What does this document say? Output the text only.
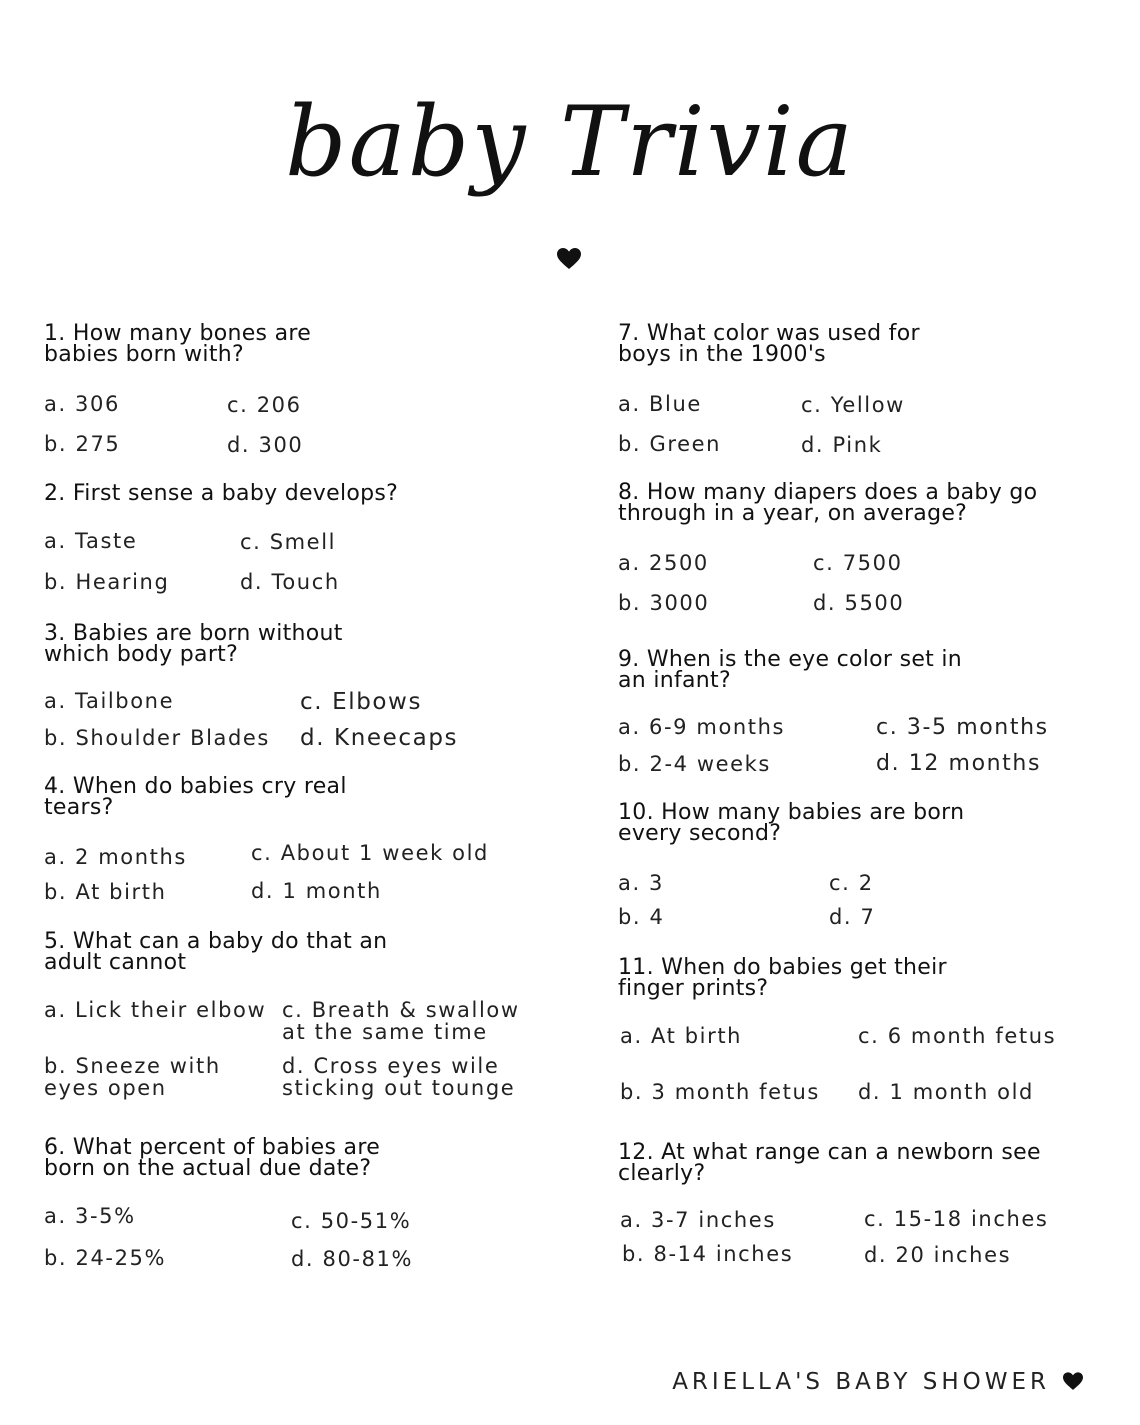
baby Trivia

1. How many bones are
babies born with?

a. 306
b. 275
c. 206
d. 300

2. First sense a baby develops?

a. Taste
b. Hearing
c. Smell
d. Touch

3. Babies are born without
which body part?

a. Tailbone
b. Shoulder Blades
c. Elbows
d. Kneecaps

4. When do babies cry real
tears?

a. 2 months
b. At birth
c. About 1 week old
d. 1 month

5. What can a baby do that an
adult cannot

a. Lick their elbow
b. Sneeze with
eyes open
c. Breath & swallow
at the same time
d. Cross eyes wile
sticking out tounge

6. What percent of babies are
born on the actual due date?

a. 3-5%
b. 24-25%
c. 50-51%
d. 80-81%

7. What color was used for
boys in the 1900's

a. Blue
b. Green
c. Yellow
d. Pink

8. How many diapers does a baby go
through in a year, on average?

a. 2500
b. 3000
c. 7500
d. 5500

9. When is the eye color set in
an infant?

a. 6-9 months
b. 2-4 weeks
c. 3-5 months
d. 12 months

10. How many babies are born
every second?

a. 3
b. 4
c. 2
d. 7

11. When do babies get their
finger prints?

a. At birth
b. 3 month fetus
c. 6 month fetus
d. 1 month old

12. At what range can a newborn see
clearly?

a. 3-7 inches
b. 8-14 inches
c. 15-18 inches
d. 20 inches
ARIELLA'S BABY SHOWER
